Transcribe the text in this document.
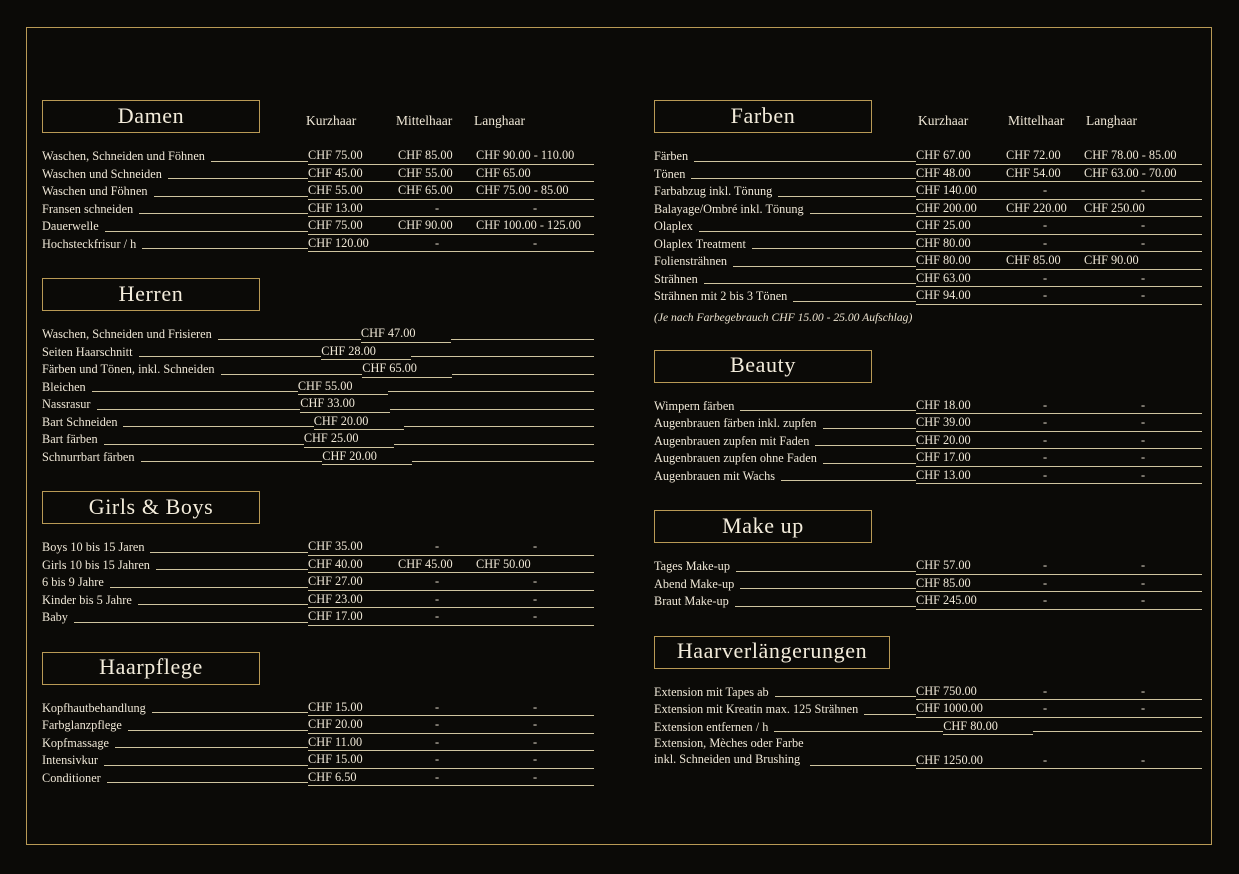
Damen	Kurzhaar	Mittelhaar	Langhaar
Waschen, Schneiden und Föhnen	CHF 75.00	CHF 85.00	CHF 90.00 - 110.00
Waschen und Schneiden	CHF 45.00	CHF 55.00	CHF 65.00
Waschen und Föhnen	CHF 55.00	CHF 65.00	CHF 75.00 - 85.00
Fransen schneiden	CHF 13.00	-	-
Dauerwelle	CHF 75.00	CHF 90.00	CHF 100.00 - 125.00
Hochsteckfrisur / h	CHF 120.00	-	-
Herren
Waschen, Schneiden und Frisieren	CHF 47.00
Seiten Haarschnitt	CHF 28.00
Färben und Tönen, inkl. Schneiden	CHF 65.00
Bleichen	CHF 55.00
Nassrasur	CHF 33.00
Bart Schneiden	CHF 20.00
Bart färben	CHF 25.00
Schnurrbart färben	CHF 20.00
Girls & Boys
Boys 10 bis 15 Jaren	CHF 35.00	-	-
Girls 10 bis 15 Jahren	CHF 40.00	CHF 45.00	CHF 50.00
6 bis 9 Jahre	CHF 27.00	-	-
Kinder bis 5 Jahre	CHF 23.00	-	-
Baby	CHF 17.00	-	-
Haarpflege
Kopfhautbehandlung	CHF 15.00	-	-
Farbglanzpflege	CHF 20.00	-	-
Kopfmassage	CHF 11.00	-	-
Intensivkur	CHF 15.00	-	-
Conditioner	CHF 6.50	-	-
Farben	Kurzhaar	Mittelhaar	Langhaar
Färben	CHF 67.00	CHF 72.00	CHF 78.00 - 85.00
Tönen	CHF 48.00	CHF 54.00	CHF 63.00 - 70.00
Farbabzug inkl. Tönung	CHF 140.00	-	-
Balayage/Ombré inkl. Tönung	CHF 200.00	CHF 220.00	CHF 250.00
Olaplex	CHF 25.00	-	-
Olaplex Treatment	CHF 80.00	-	-
Foliensträhnen	CHF 80.00	CHF 85.00	CHF 90.00
Strähnen	CHF 63.00	-	-
Strähnen mit 2 bis 3 Tönen	CHF 94.00	-	-
(Je nach Farbegebrauch CHF 15.00 - 25.00 Aufschlag)
Beauty
Wimpern färben	CHF 18.00	-	-
Augenbrauen färben inkl. zupfen	CHF 39.00	-	-
Augenbrauen zupfen mit Faden	CHF 20.00	-	-
Augenbrauen zupfen ohne Faden	CHF 17.00	-	-
Augenbrauen mit Wachs	CHF 13.00	-	-
Make up
Tages Make-up	CHF 57.00	-	-
Abend Make-up	CHF 85.00	-	-
Braut Make-up	CHF 245.00	-	-
Haarverlängerungen
Extension mit Tapes ab	CHF 750.00	-	-
Extension mit Kreatin max. 125 Strähnen	CHF 1000.00	-	-
Extension entfernen / h	CHF 80.00
Extension, Mèches oder Farbe
inkl. Schneiden und Brushing	CHF 1250.00	-	-
